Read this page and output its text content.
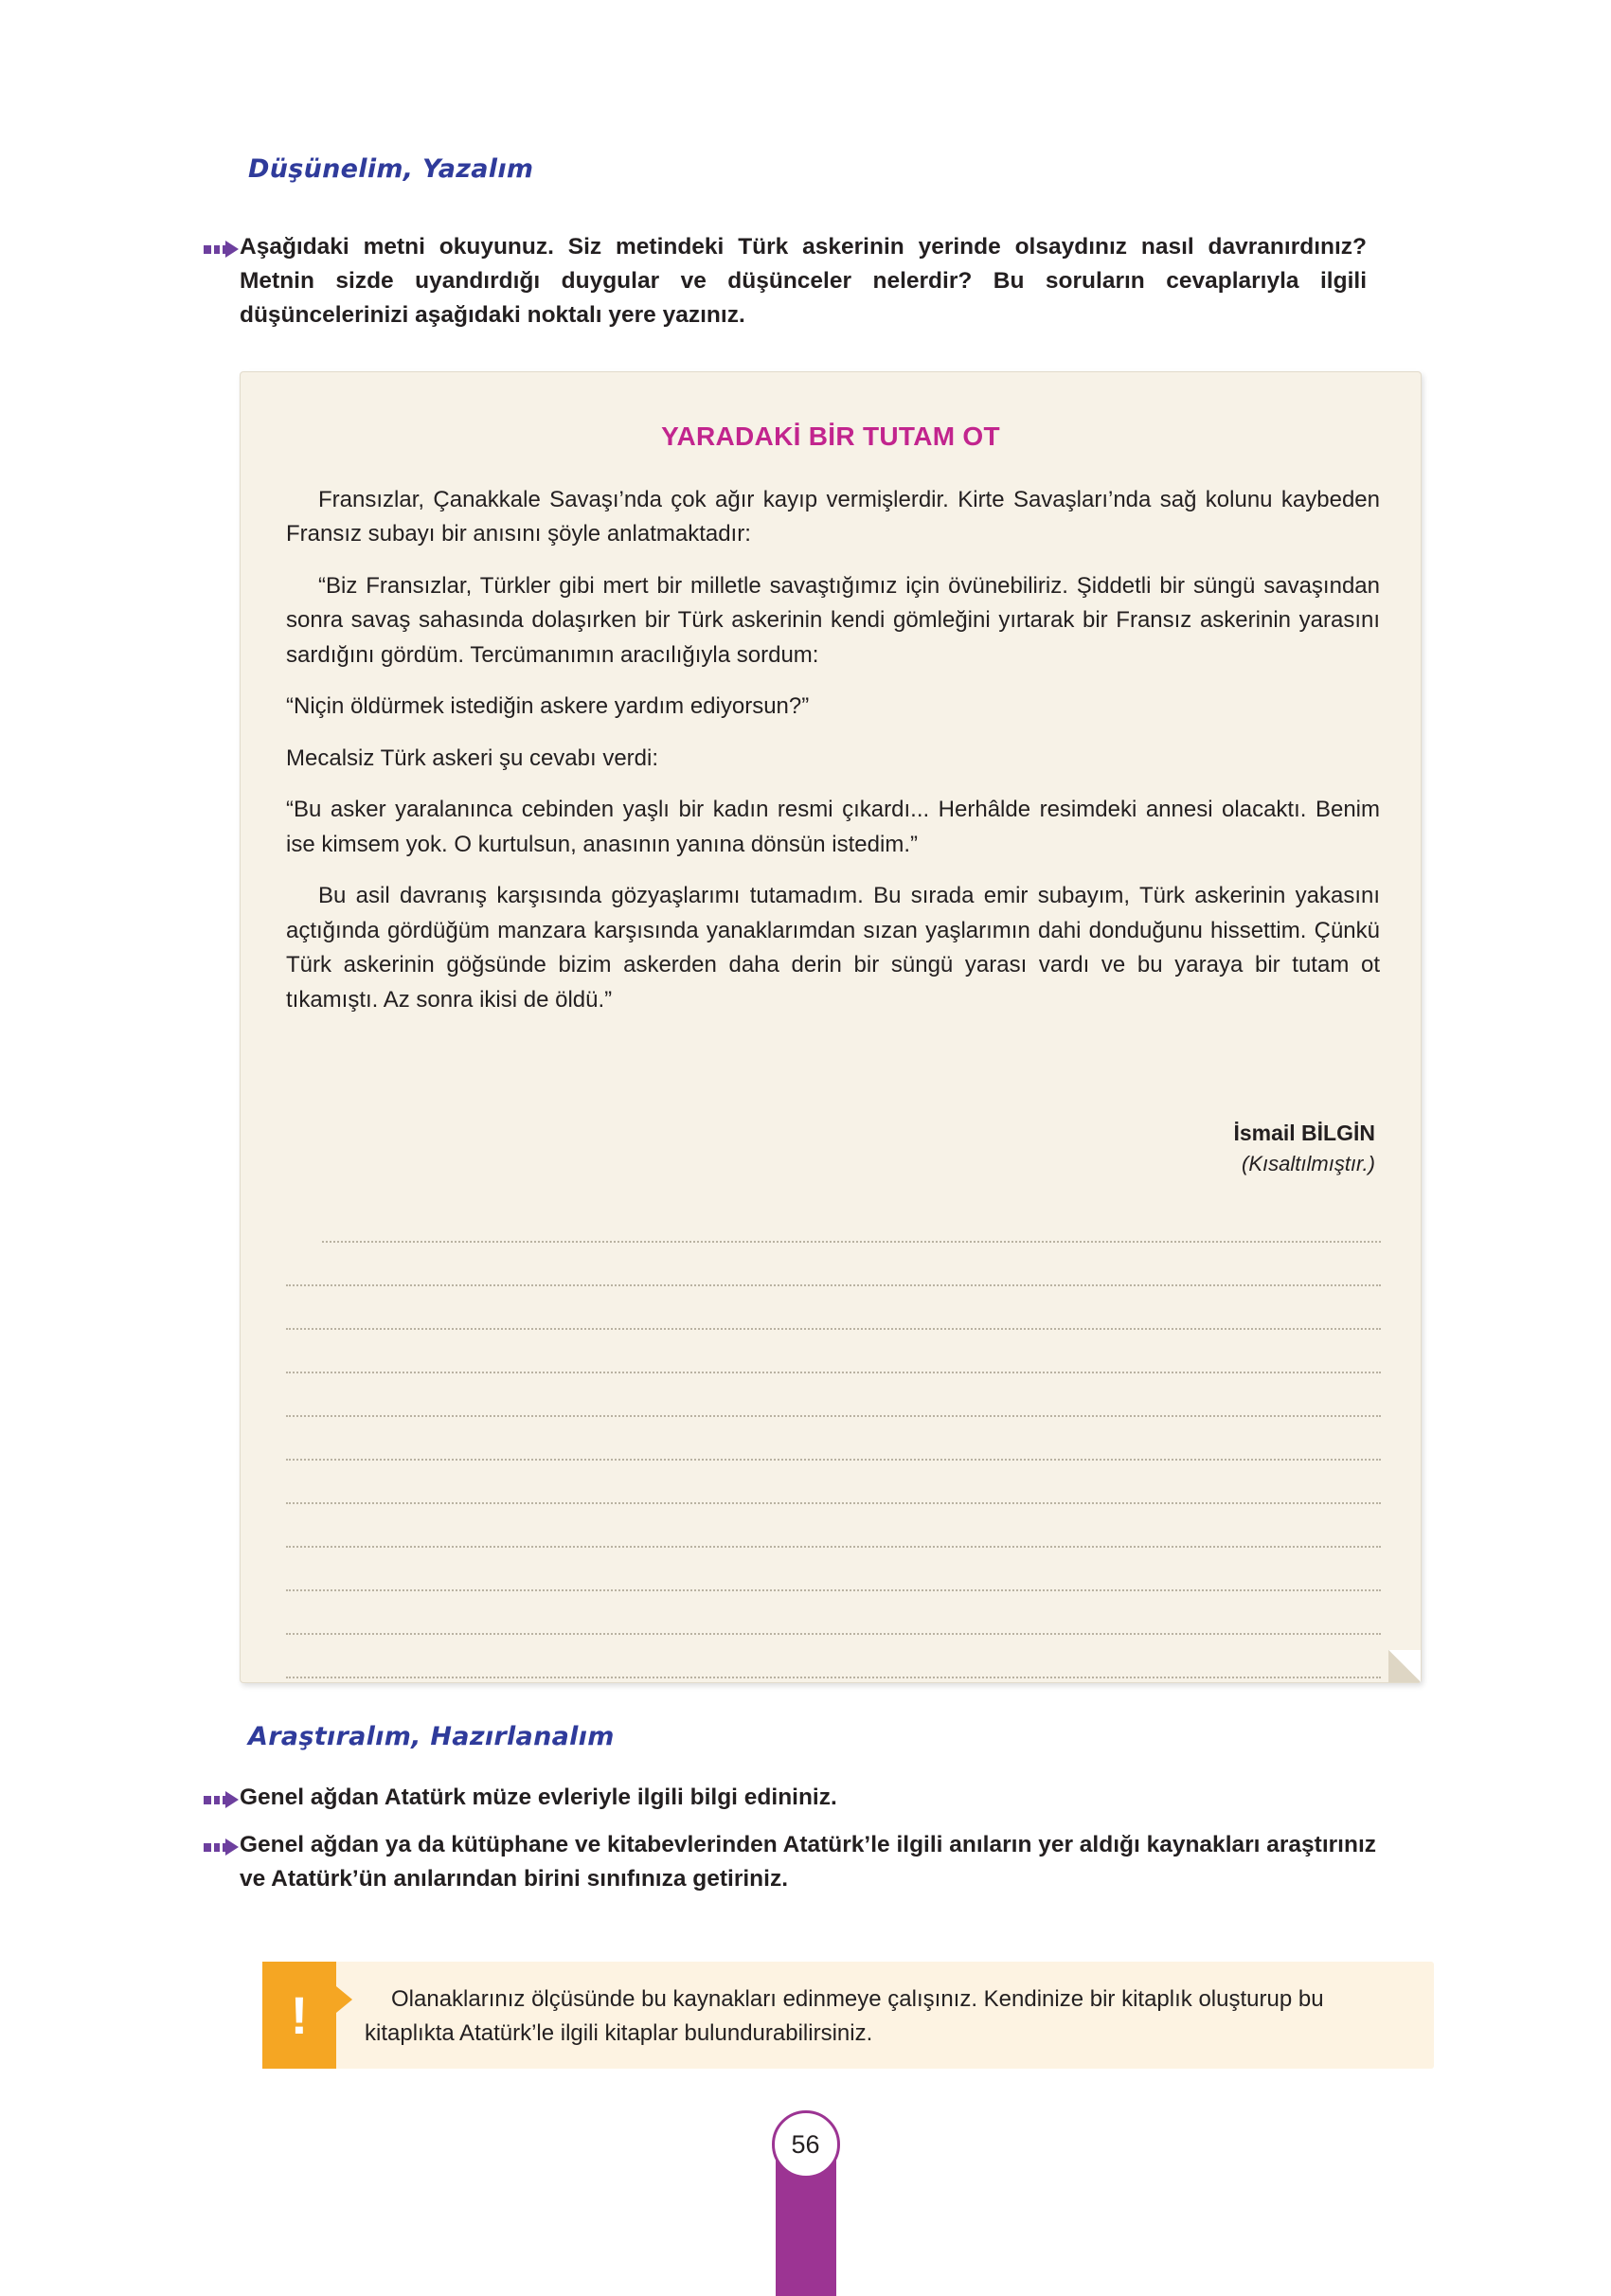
Düşünelim, Yazalım
Aşağıdaki metni okuyunuz. Siz metindeki Türk askerinin yerinde olsaydınız nasıl davranırdınız? Metnin sizde uyandırdığı duygular ve düşünceler nelerdir? Bu soruların cevaplarıyla ilgili düşüncelerinizi aşağıdaki noktalı yere yazınız.
YARADAKİ BİR TUTAM OT

Fransızlar, Çanakkale Savaşı’nda çok ağır kayıp vermişlerdir. Kirte Savaşları’nda sağ kolunu kaybeden Fransız subayı bir anısını şöyle anlatmaktadır:

“Biz Fransızlar, Türkler gibi mert bir milletle savaştığımız için övünebiliriz. Şiddetli bir süngü savaşından sonra savaş sahasında dolaşırken bir Türk askerinin kendi gömleğini yırtarak bir Fransız askerinin yarasını sardığını gördüm. Tercümanımın aracılığıyla sordum:

“Niçin öldürmek istediğin askere yardım ediyorsun?”

Mecalsiz Türk askeri şu cevabı verdi:

“Bu asker yaralanınca cebinden yaşlı bir kadın resmi çıkardı... Herhâlde resimdeki annesi olacaktı. Benim ise kimsem yok. O kurtulsun, anasının yanına dönsün istedim.”

Bu asil davranış karşısında gözyaşlarımı tutamadım. Bu sırada emir subayım, Türk askerinin yakasını açtığında gördüğüm manzara karşısında yanaklarımdan sızan yaşlarımın dahi donduğunu hissettim. Çünkü Türk askerinin göğsünde bizim askerden daha derin bir süngü yarası vardı ve bu yaraya bir tutam ot tıkamıştı. Az sonra ikisi de öldü.”

İsmail BİLGİN
(Kısaltılmıştır.)
Araştıralım, Hazırlanalım
Genel ağdan Atatürk müze evleriyle ilgili bilgi edininiz.
Genel ağdan ya da kütüphane ve kitabevlerinden Atatürk’le ilgili anıların yer aldığı kaynakları araştırınız ve Atatürk’ün anılarından birini sınıfınıza getiriniz.
!	Olanaklarınız ölçüsünde bu kaynakları edinmeye çalışınız. Kendinize bir kitaplık oluşturup bu kitaplıkta Atatürk’le ilgili kitaplar bulundurabilirsiniz.
56
